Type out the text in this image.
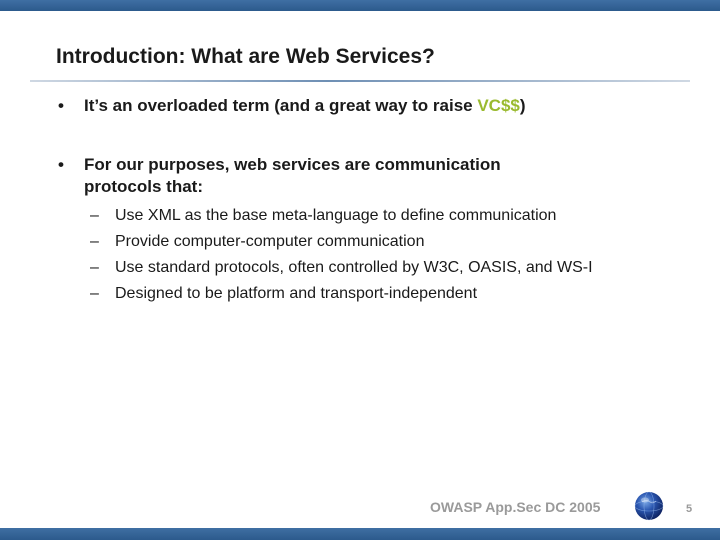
Introduction: What are Web Services?
• It’s an overloaded term (and a great way to raise VC$$)
• For our purposes, web services are communication
protocols that:
– Use XML as the base meta-language to define communication
– Provide computer-computer communication
– Use standard protocols, often controlled by W3C, OASIS, and WS-I
– Designed to be platform and transport-independent
OWASP App.Sec DC 2005	5
